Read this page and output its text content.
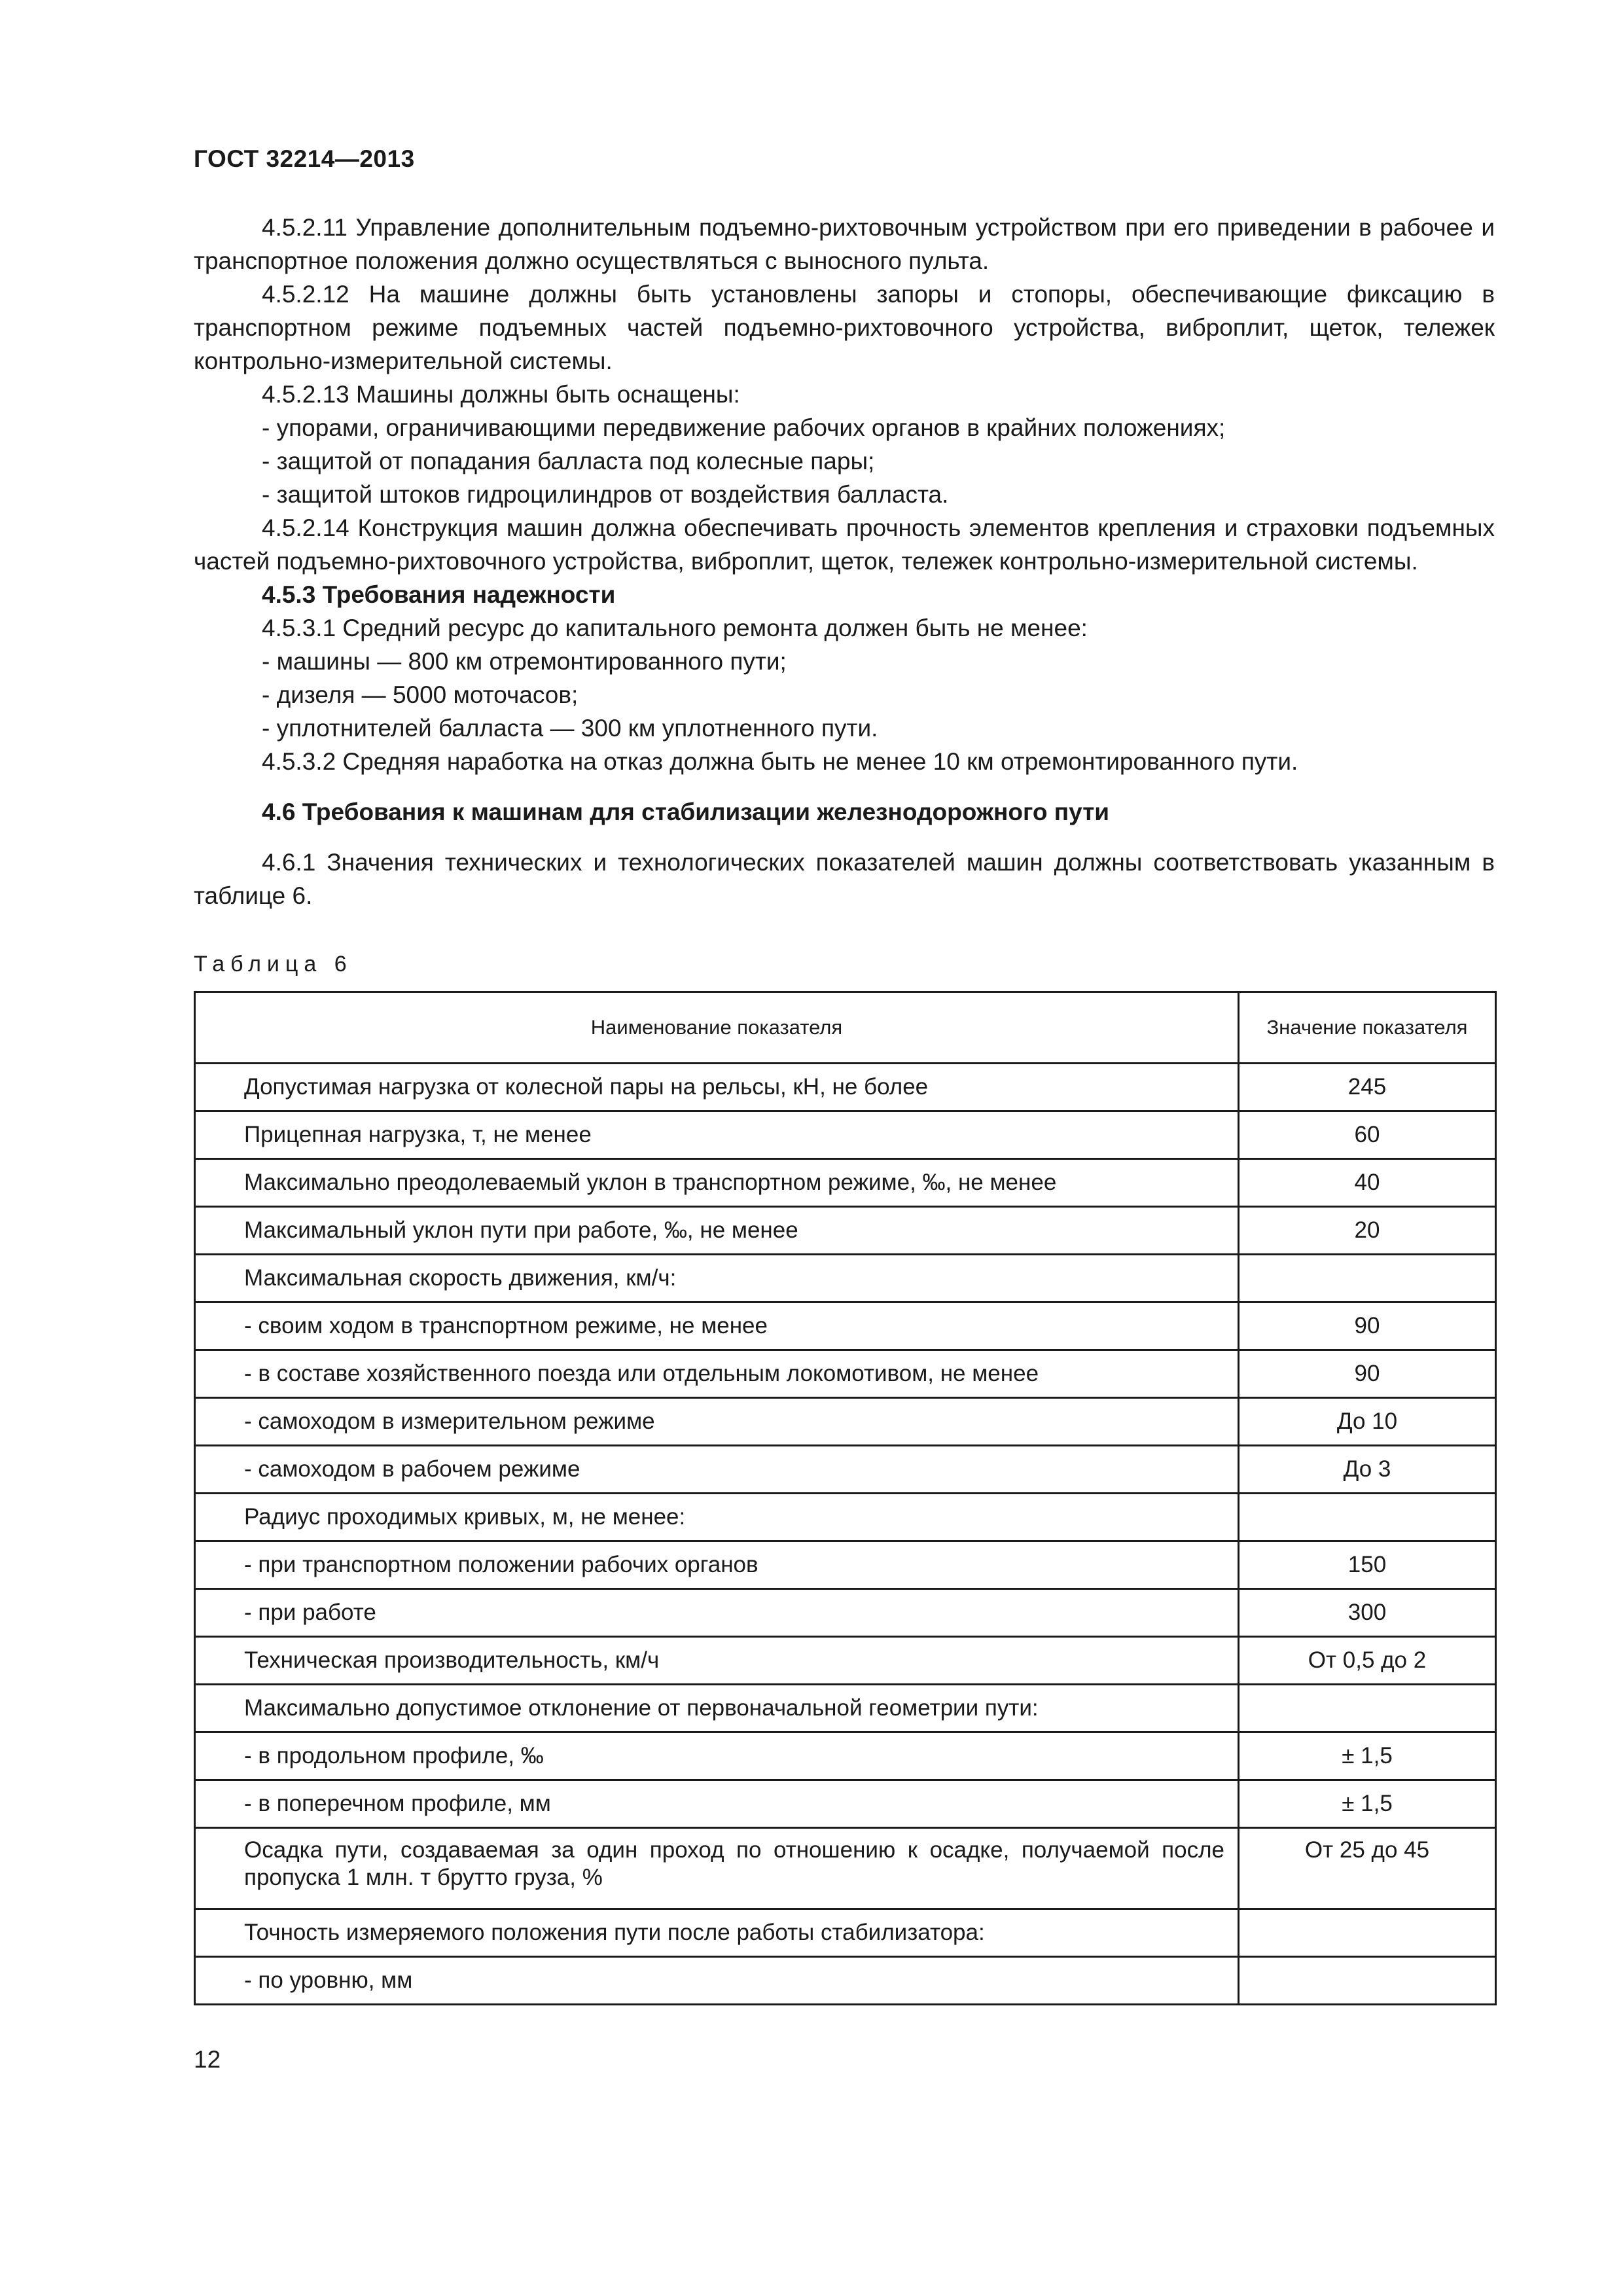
ГОСТ 32214—2013

4.5.2.11 Управление дополнительным подъемно-рихтовочным устройством при его приведении в рабочее и транспортное положения должно осуществляться с выносного пульта.

4.5.2.12 На машине должны быть установлены запоры и стопоры, обеспечивающие фиксацию в транспортном режиме подъемных частей подъемно-рихтовочного устройства, виброплит, щеток, тележек контрольно-измерительной системы.

4.5.2.13 Машины должны быть оснащены:

- упорами, ограничивающими передвижение рабочих органов в крайних положениях;

- защитой от попадания балласта под колесные пары;

- защитой штоков гидроцилиндров от воздействия балласта.

4.5.2.14 Конструкция машин должна обеспечивать прочность элементов крепления и страховки подъемных частей подъемно-рихтовочного устройства, виброплит, щеток, тележек контрольно-измерительной системы.

4.5.3 Требования надежности

4.5.3.1 Средний ресурс до капитального ремонта должен быть не менее:

- машины — 800 км отремонтированного пути;

- дизеля — 5000 моточасов;

- уплотнителей балласта — 300 км уплотненного пути.

4.5.3.2 Средняя наработка на отказ должна быть не менее 10 км отремонтированного пути.

4.6 Требования к машинам для стабилизации железнодорожного пути

4.6.1 Значения технических и технологических показателей машин должны соответствовать указанным в таблице 6.

Таблица 6
Наименование показателя	Значение показателя
Допустимая нагрузка от колесной пары на рельсы, кН, не более	245
Прицепная нагрузка, т, не менее	60
Максимально преодолеваемый уклон в транспортном режиме, ‰, не менее	40
Максимальный уклон пути при работе, ‰, не менее	20
Максимальная скорость движения, км/ч:	
- своим ходом в транспортном режиме, не менее	90
- в составе хозяйственного поезда или отдельным локомотивом, не менее	90
- самоходом в измерительном режиме	До 10
- самоходом в рабочем режиме	До 3
Радиус проходимых кривых, м, не менее:	
- при транспортном положении рабочих органов	150
- при работе	300
Техническая производительность, км/ч	От 0,5 до 2
Максимально допустимое отклонение от первоначальной геометрии пути:	
- в продольном профиле, ‰	± 1,5
- в поперечном профиле, мм	± 1,5
Осадка пути, создаваемая за один проход по отношению к осадке, получаемой после пропуска 1 млн. т брутто груза, %	От 25 до 45
Точность измеряемого положения пути после работы стабилизатора:	
- по уровню, мм	
12
